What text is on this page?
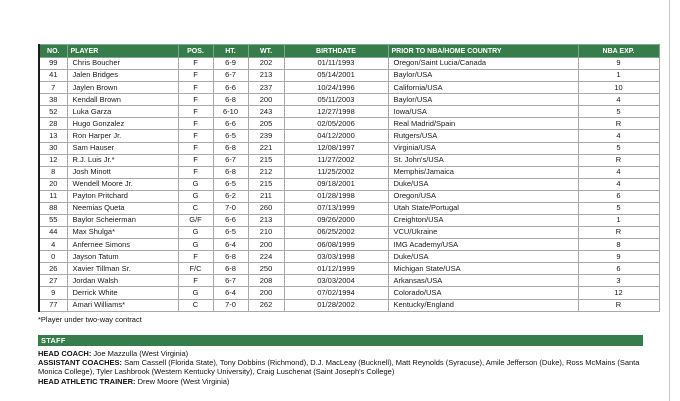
NO.	PLAYER	POS.	HT.	WT.	BIRTHDATE	PRIOR TO NBA/HOME COUNTRY	NBA EXP.
99	Chris Boucher	F	6-9	202	01/11/1993	Oregon/Saint Lucia/Canada	9
41	Jalen Bridges	F	6-7	213	05/14/2001	Baylor/USA	1
7	Jaylen Brown	F	6-6	237	10/24/1996	California/USA	10
38	Kendall Brown	F	6-8	200	05/11/2003	Baylor/USA	4
52	Luka Garza	F	6-10	243	12/27/1998	Iowa/USA	5
28	Hugo Gonzalez	F	6-6	205	02/05/2006	Real Madrid/Spain	R
13	Ron Harper Jr.	F	6-5	239	04/12/2000	Rutgers/USA	4
30	Sam Hauser	F	6-8	221	12/08/1997	Virginia/USA	5
12	R.J. Luis Jr.*	F	6-7	215	11/27/2002	St. John's/USA	R
8	Josh Minott	F	6-8	212	11/25/2002	Memphis/Jamaica	4
20	Wendell Moore Jr.	G	6-5	215	09/18/2001	Duke/USA	4
11	Payton Pritchard	G	6-2	211	01/28/1998	Oregon/USA	6
88	Neemias Queta	C	7-0	260	07/13/1999	Utah State/Portugal	5
55	Baylor Scheierman	G/F	6-6	213	09/26/2000	Creighton/USA	1
44	Max Shulga*	G	6-5	210	06/25/2002	VCU/Ukraine	R
4	Anfernee Simons	G	6-4	200	06/08/1999	IMG Academy/USA	8
0	Jayson Tatum	F	6-8	224	03/03/1998	Duke/USA	9
26	Xavier Tillman Sr.	F/C	6-8	250	01/12/1999	Michigan State/USA	6
27	Jordan Walsh	F	6-7	208	03/03/2004	Arkansas/USA	3
9	Derrick White	G	6-4	200	07/02/1994	Colorado/USA	12
77	Amari Williams*	C	7-0	262	01/28/2002	Kentucky/England	R
*Player under two-way contract
STAFF
HEAD COACH: Joe Mazzulla (West Virginia)
ASSISTANT COACHES: Sam Cassell (Florida State), Tony Dobbins (Richmond), D.J. MacLeay (Bucknell), Matt Reynolds (Syracuse), Amile Jefferson (Duke), Ross McMains (Santa Monica College), Tyler Lashbrook (Western Kentucky University), Craig Luschenat (Saint Joseph's College)
HEAD ATHLETIC TRAINER: Drew Moore (West Virginia)
